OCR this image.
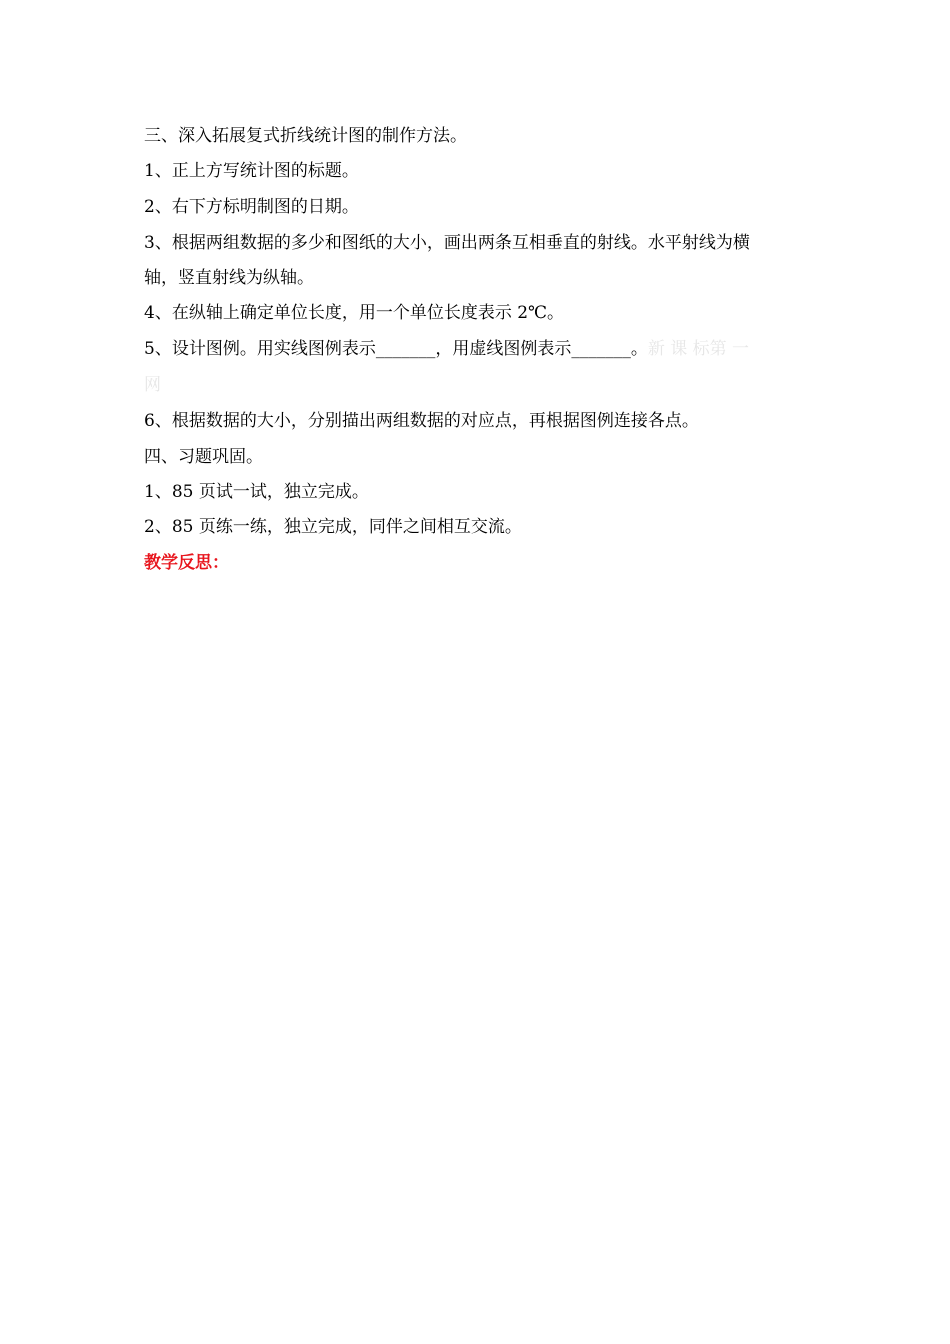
三、深入拓展复式折线统计图的制作方法。
1、正上方写统计图的标题。
2、右下方标明制图的日期。
3、根据两组数据的多少和图纸的大小，画出两条互相垂直的射线。水平射线为横
轴，竖直射线为纵轴。
4、在纵轴上确定单位长度，用一个单位长度表示 2℃。
5、设计图例。用实线图例表示_______，用虚线图例表示_______。新 课 标第 一
网
6、根据数据的大小，分别描出两组数据的对应点，再根据图例连接各点。
四、习题巩固。
1、85 页试一试，独立完成。
2、85 页练一练，独立完成，同伴之间相互交流。
教学反思：
